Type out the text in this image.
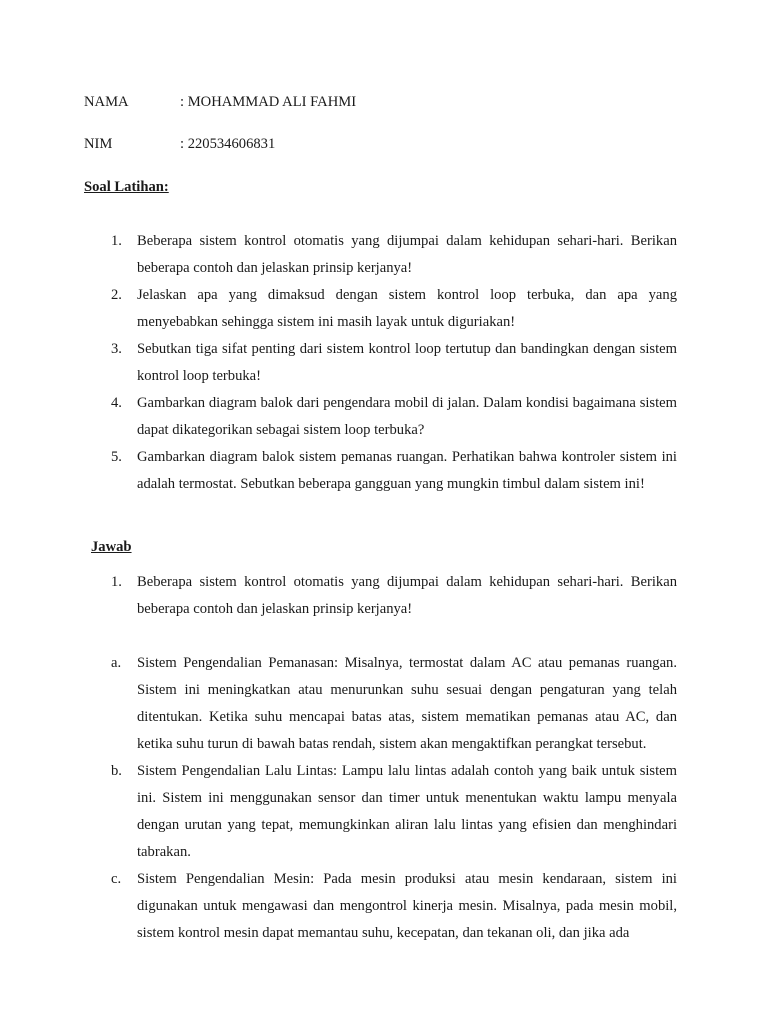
NAMA	: MOHAMMAD ALI FAHMI
NIM	: 220534606831
Soal Latihan:
1. Beberapa sistem kontrol otomatis yang dijumpai dalam kehidupan sehari-hari. Berikan beberapa contoh dan jelaskan prinsip kerjanya!
2. Jelaskan apa yang dimaksud dengan sistem kontrol loop terbuka, dan apa yang menyebabkan sehingga sistem ini masih layak untuk diguriakan!
3. Sebutkan tiga sifat penting dari sistem kontrol loop tertutup dan bandingkan dengan sistem kontrol loop terbuka!
4. Gambarkan diagram balok dari pengendara mobil di jalan. Dalam kondisi bagaimana sistem dapat dikategorikan sebagai sistem loop terbuka?
5. Gambarkan diagram balok sistem pemanas ruangan. Perhatikan bahwa kontroler sistem ini adalah termostat. Sebutkan beberapa gangguan yang mungkin timbul dalam sistem ini!
Jawab
1. Beberapa sistem kontrol otomatis yang dijumpai dalam kehidupan sehari-hari. Berikan beberapa contoh dan jelaskan prinsip kerjanya!
a. Sistem Pengendalian Pemanasan: Misalnya, termostat dalam AC atau pemanas ruangan. Sistem ini meningkatkan atau menurunkan suhu sesuai dengan pengaturan yang telah ditentukan. Ketika suhu mencapai batas atas, sistem mematikan pemanas atau AC, dan ketika suhu turun di bawah batas rendah, sistem akan mengaktifkan perangkat tersebut.
b. Sistem Pengendalian Lalu Lintas: Lampu lalu lintas adalah contoh yang baik untuk sistem ini. Sistem ini menggunakan sensor dan timer untuk menentukan waktu lampu menyala dengan urutan yang tepat, memungkinkan aliran lalu lintas yang efisien dan menghindari tabrakan.
c. Sistem Pengendalian Mesin: Pada mesin produksi atau mesin kendaraan, sistem ini digunakan untuk mengawasi dan mengontrol kinerja mesin. Misalnya, pada mesin mobil, sistem kontrol mesin dapat memantau suhu, kecepatan, dan tekanan oli, dan jika ada
